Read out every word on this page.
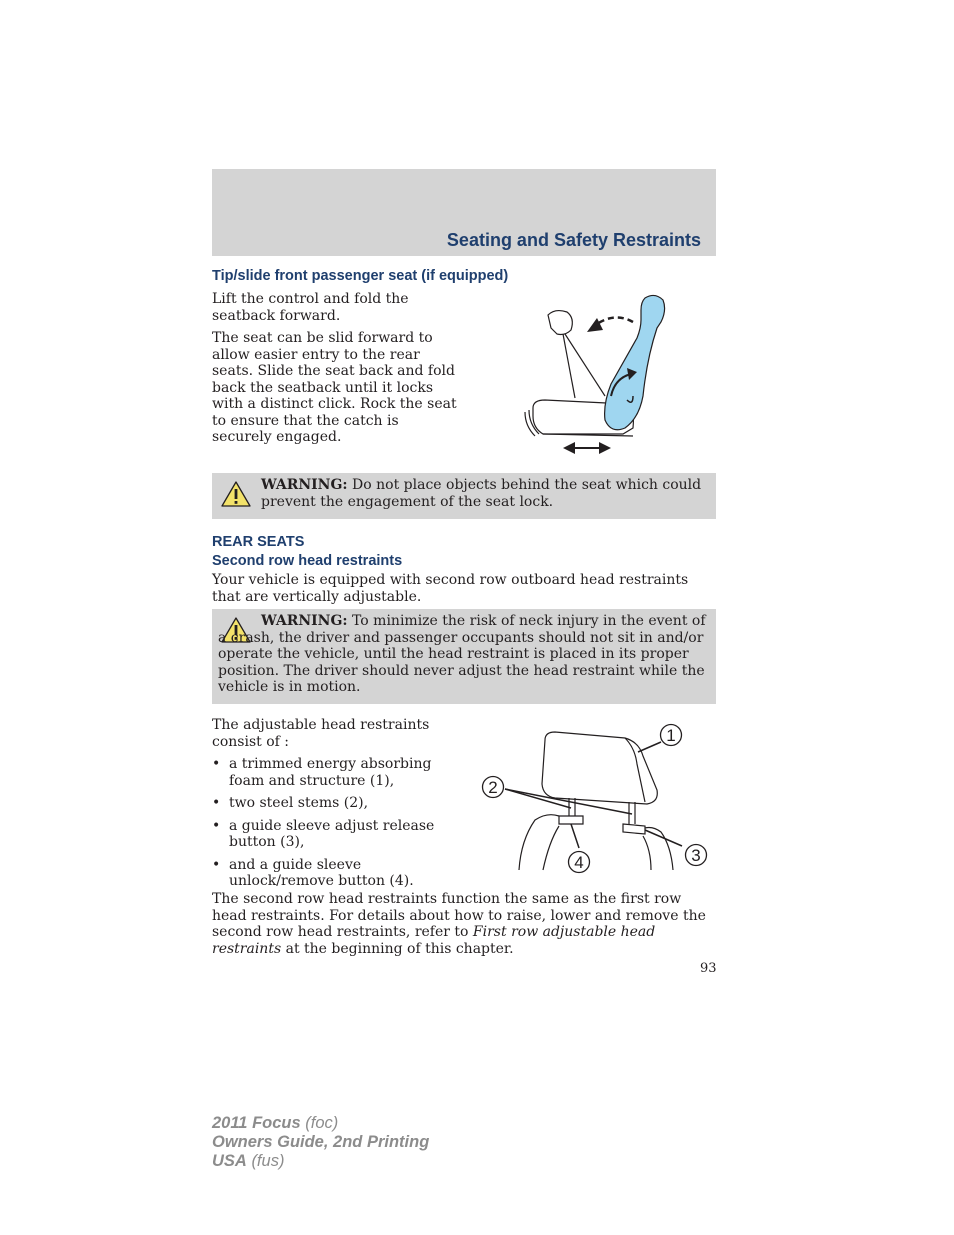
Seating and Safety Restraints
Tip/slide front passenger seat (if equipped)

Lift the control and fold the seatback forward.

The seat can be slid forward to allow easier entry to the rear seats. Slide the seat back and fold back the seatback until it locks with a distinct click. Rock the seat to ensure that the catch is securely engaged.

WARNING: Do not place objects behind the seat which could prevent the engagement of the seat lock.

REAR SEATS
Second row head restraints

Your vehicle is equipped with second row outboard head restraints that are vertically adjustable.

WARNING: To minimize the risk of neck injury in the event of a crash, the driver and passenger occupants should not sit in and/or operate the vehicle, until the head restraint is placed in its proper position. The driver should never adjust the head restraint while the vehicle is in motion.

The adjustable head restraints consist of :

• a trimmed energy absorbing foam and structure (1),
• two steel stems (2),
• a guide sleeve adjust release button (3),
• and a guide sleeve unlock/remove button (4).
1
2
3
4

The second row head restraints function the same as the first row head restraints. For details about how to raise, lower and remove the second row head restraints, refer to First row adjustable head restraints at the beginning of this chapter.

93
2011 Focus (foc)
Owners Guide, 2nd Printing
USA (fus)
